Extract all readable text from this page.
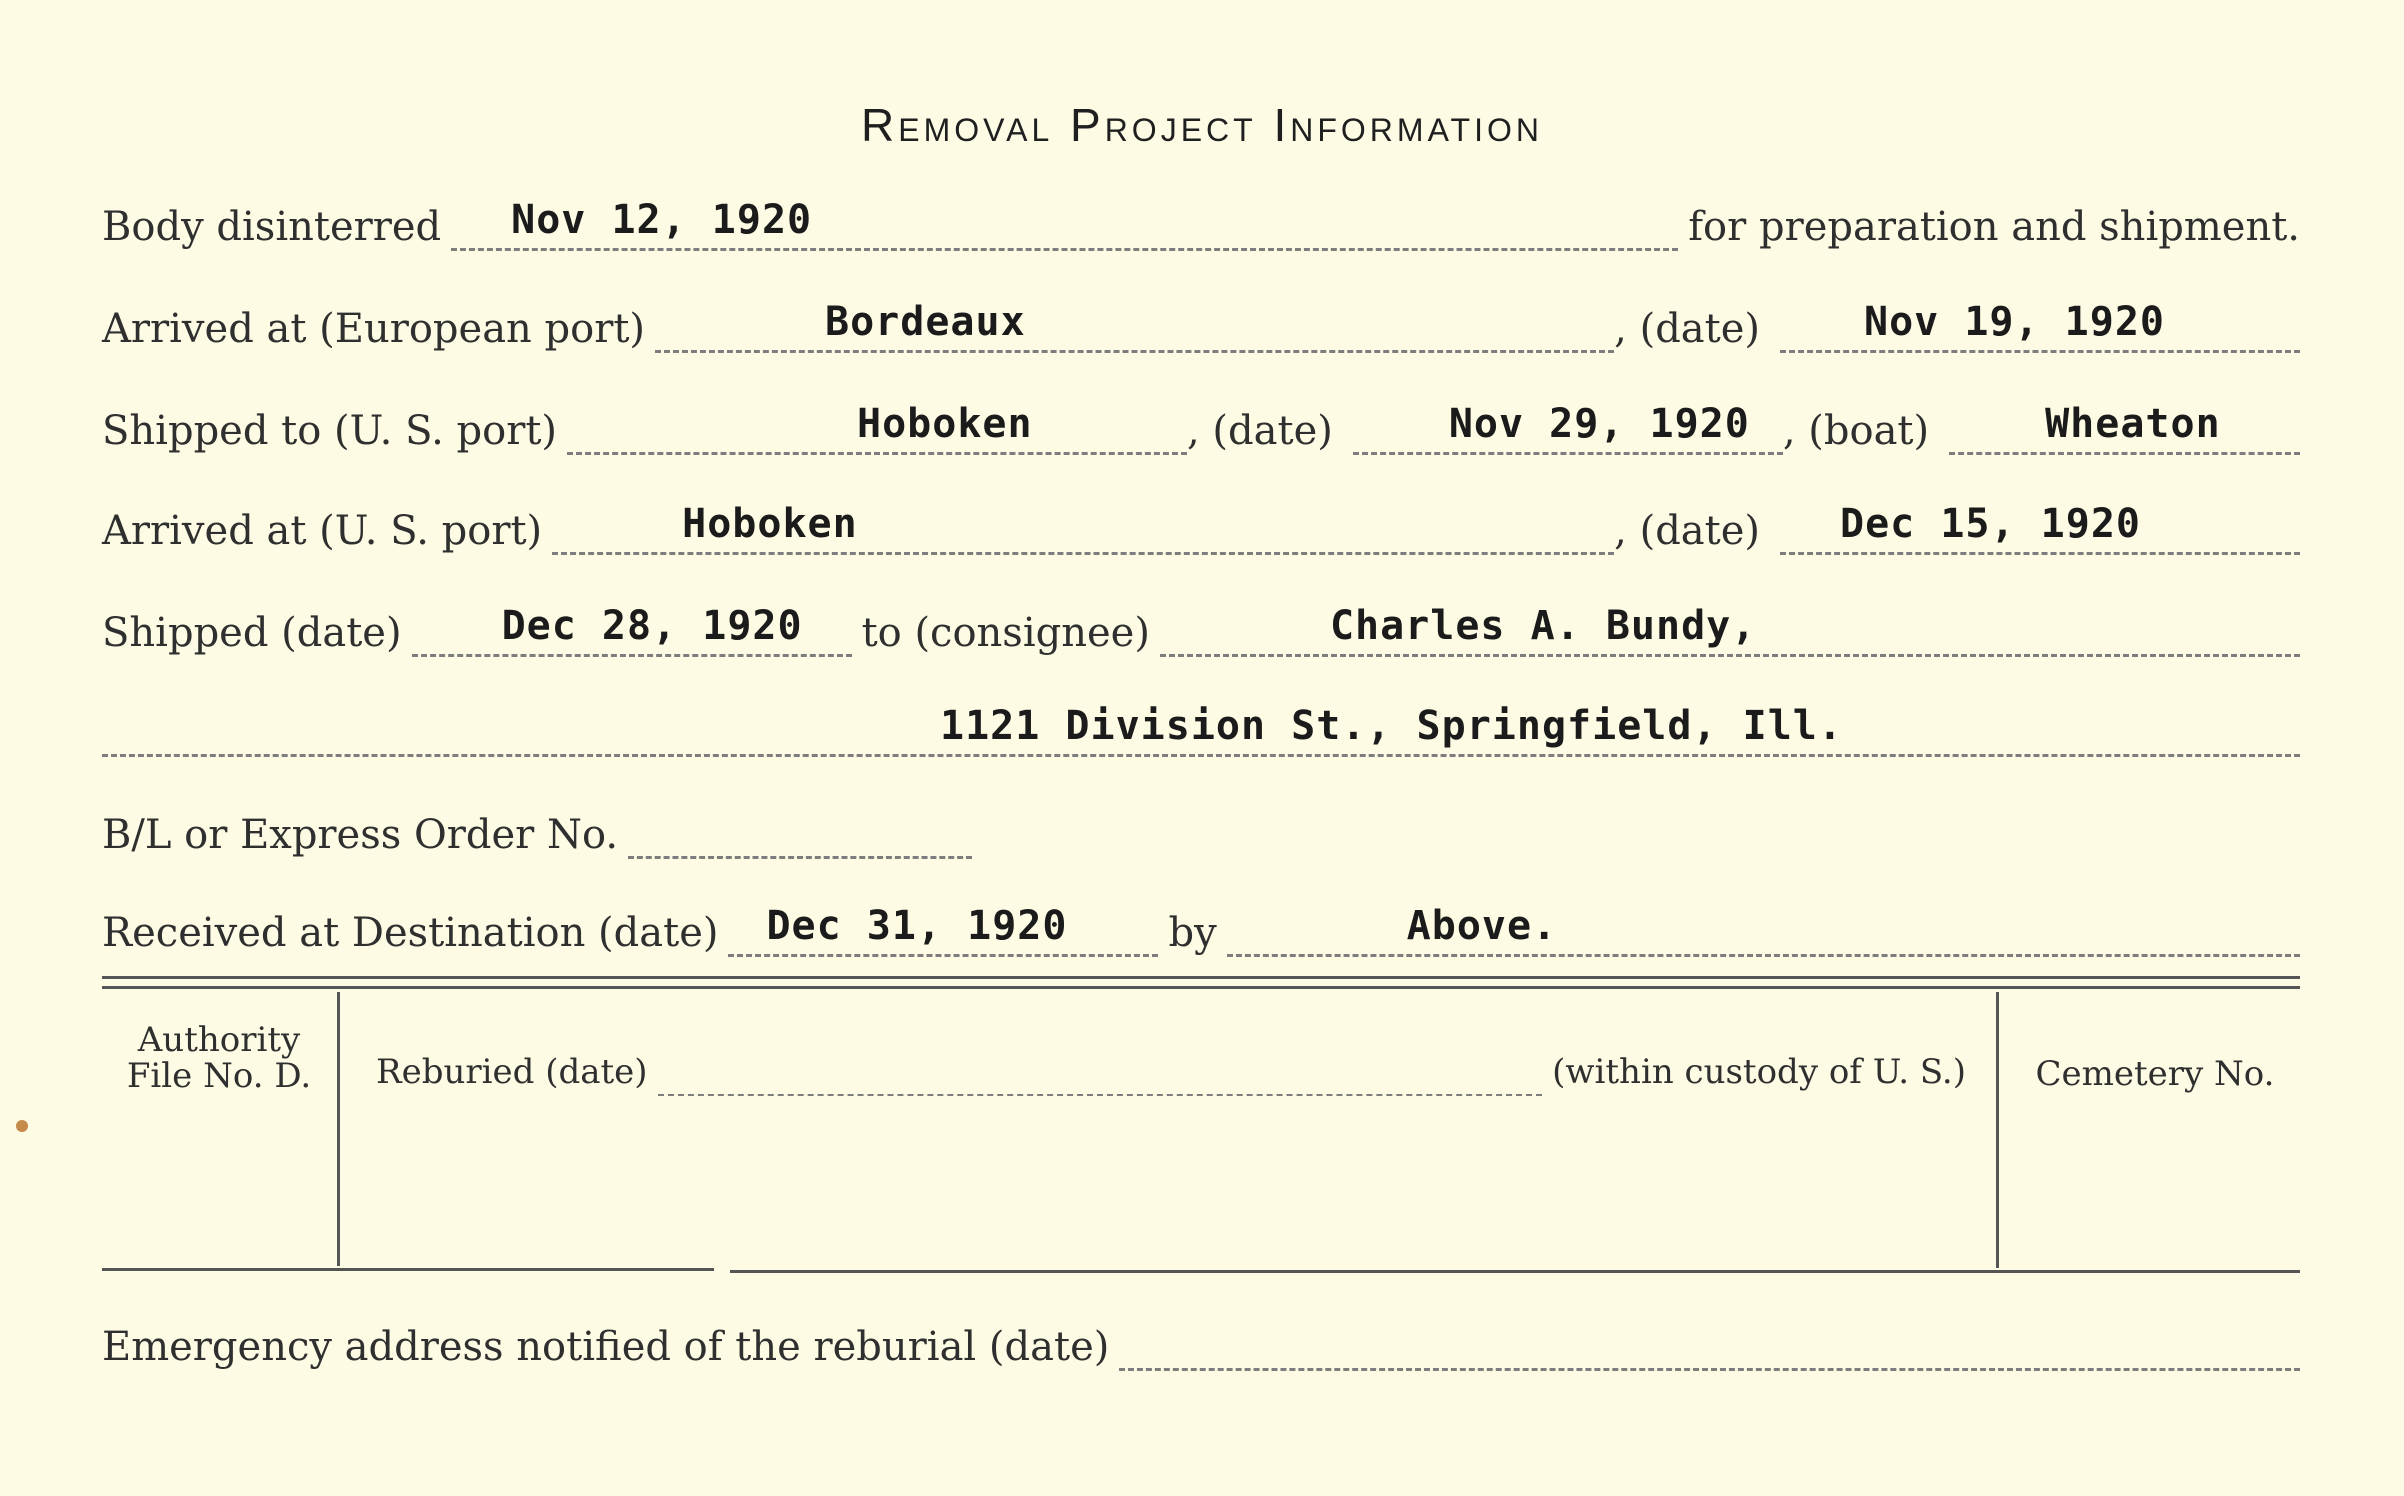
Removal Project Information
Body disinterred Nov 12, 1920	for preparation and shipment.
Arrived at (European port)	Bordeaux	, (date)	Nov 19, 1920
Shipped to (U. S. port)	Hoboken	, (date)	Nov 29, 1920 , (boat)	Wheaton
Arrived at (U. S. port)	Hoboken	, (date) Dec 15, 1920
Shipped (date)	Dec 28, 1920 to (consignee)	Charles A. Bundy,
1121 Division St., Springfield, Ill.
B/L or Express Order No.
Received at Destination (date) Dec 31, 1920	by	Above.
Authority
File No. D.	Reburied (date)	(within custody of U. S.)	Cemetery No.
Emergency address notified of the reburial (date)
